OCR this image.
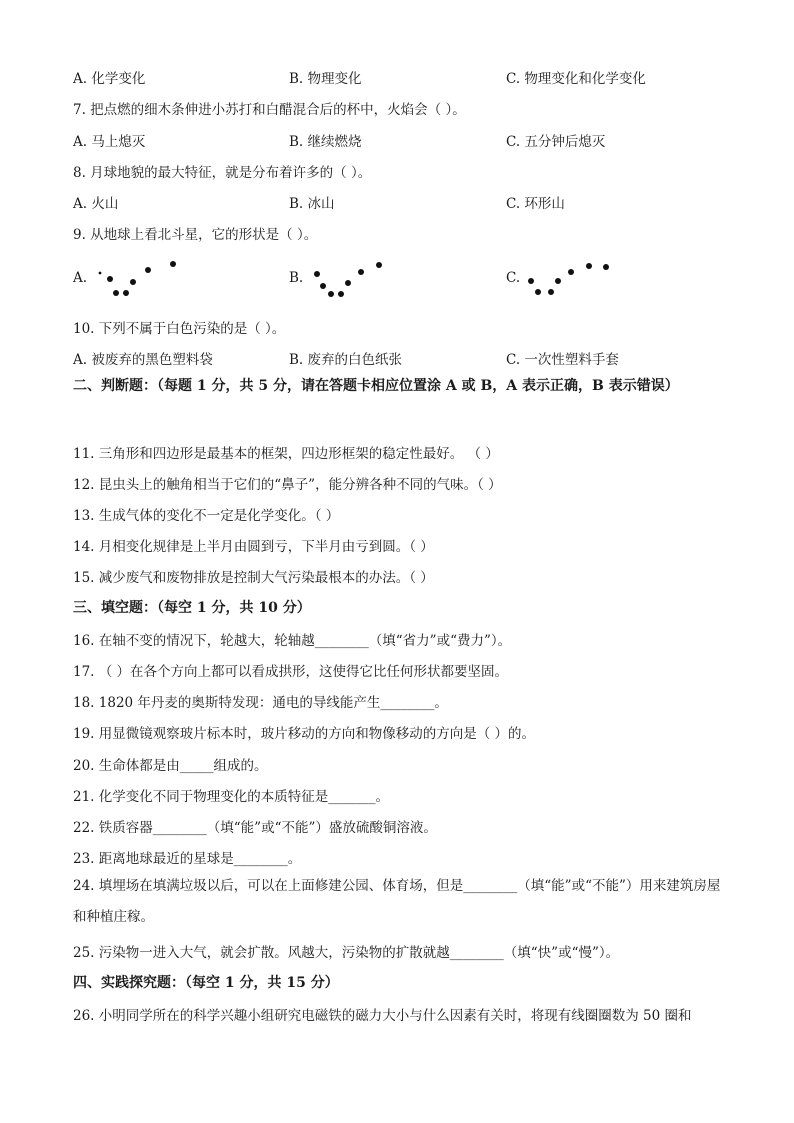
A. 化学变化	B. 物理变化	C. 物理变化和化学变化
7. 把点燃的细木条伸进小苏打和白醋混合后的杯中，火焰会（ ）。
A. 马上熄灭	B. 继续燃烧	C. 五分钟后熄灭
8. 月球地貌的最大特征，就是分布着许多的（ ）。
A. 火山	B. 冰山	C. 环形山
9. 从地球上看北斗星，它的形状是（ ）。
A.	B.	C.
10. 下列不属于白色污染的是（ ）。
A. 被废弃的黑色塑料袋	B. 废弃的白色纸张	C. 一次性塑料手套
二、判断题：（每题 1 分，共 5 分，请在答题卡相应位置涂 A 或 B，A 表示正确，B 表示错误）
11. 三角形和四边形是最基本的框架，四边形框架的稳定性最好。 （ ）
12. 昆虫头上的触角相当于它们的“鼻子”，能分辨各种不同的气味。（ ）
13. 生成气体的变化不一定是化学变化。（ ）
14. 月相变化规律是上半月由圆到亏，下半月由亏到圆。（ ）
15. 减少废气和废物排放是控制大气污染最根本的办法。（ ）
三、填空题：（每空 1 分，共 10 分）
16. 在轴不变的情况下，轮越大，轮轴越________（填“省力”或“费力”）。
17. （ ）在各个方向上都可以看成拱形，这使得它比任何形状都要坚固。
18. 1820 年丹麦的奥斯特发现：通电的导线能产生________。
19. 用显微镜观察玻片标本时，玻片移动的方向和物像移动的方向是（ ）的。
20. 生命体都是由_____组成的。
21. 化学变化不同于物理变化的本质特征是_______。
22. 铁质容器________（填“能”或“不能”）盛放硫酸铜溶液。
23. 距离地球最近的星球是________。
24. 填埋场在填满垃圾以后，可以在上面修建公园、体育场，但是________（填“能”或“不能”）用来建筑房屋和种植庄稼。
25. 污染物一进入大气，就会扩散。风越大，污染物的扩散就越________（填“快”或“慢”）。
四、实践探究题：（每空 1 分，共 15 分）
26. 小明同学所在的科学兴趣小组研究电磁铁的磁力大小与什么因素有关时，将现有线圈圈数为 50 圈和
